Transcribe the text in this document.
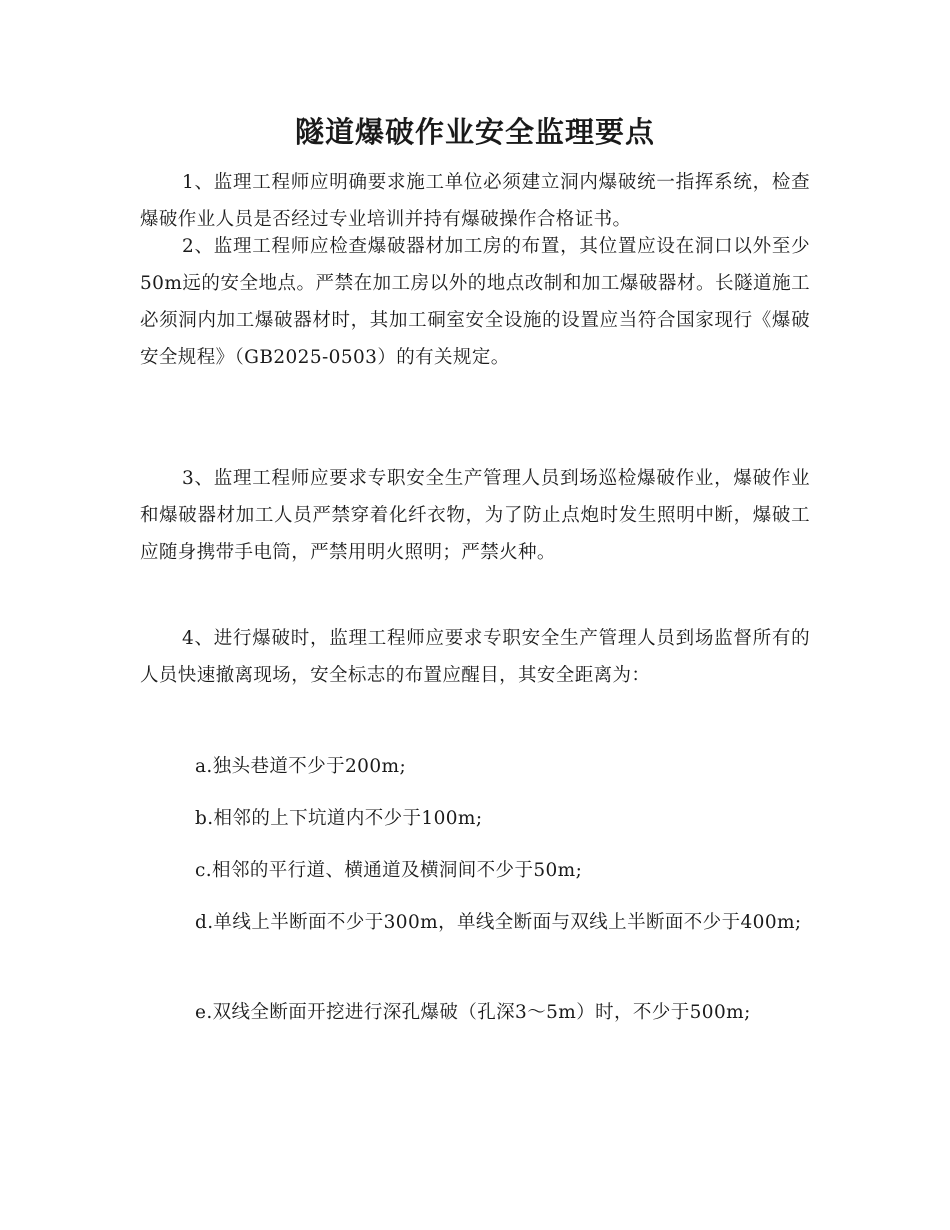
隧道爆破作业安全监理要点

1、监理工程师应明确要求施工单位必须建立洞内爆破统一指挥系统，检查爆破作业人员是否经过专业培训并持有爆破操作合格证书。

2、监理工程师应检查爆破器材加工房的布置，其位置应设在洞口以外至少50m远的安全地点。严禁在加工房以外的地点改制和加工爆破器材。长隧道施工必须洞内加工爆破器材时，其加工硐室安全设施的设置应当符合国家现行《爆破安全规程》（GB2025-0503）的有关规定。

3、监理工程师应要求专职安全生产管理人员到场巡检爆破作业，爆破作业和爆破器材加工人员严禁穿着化纤衣物，为了防止点炮时发生照明中断，爆破工应随身携带手电筒，严禁用明火照明；严禁火种。

4、进行爆破时，监理工程师应要求专职安全生产管理人员到场监督所有的人员快速撤离现场，安全标志的布置应醒目，其安全距离为：

a.独头巷道不少于200m;

b.相邻的上下坑道内不少于100m;

c.相邻的平行道、横通道及横洞间不少于50m;

d.单线上半断面不少于300m，单线全断面与双线上半断面不少于400m;

e.双线全断面开挖进行深孔爆破（孔深3～5m）时，不少于500m;
